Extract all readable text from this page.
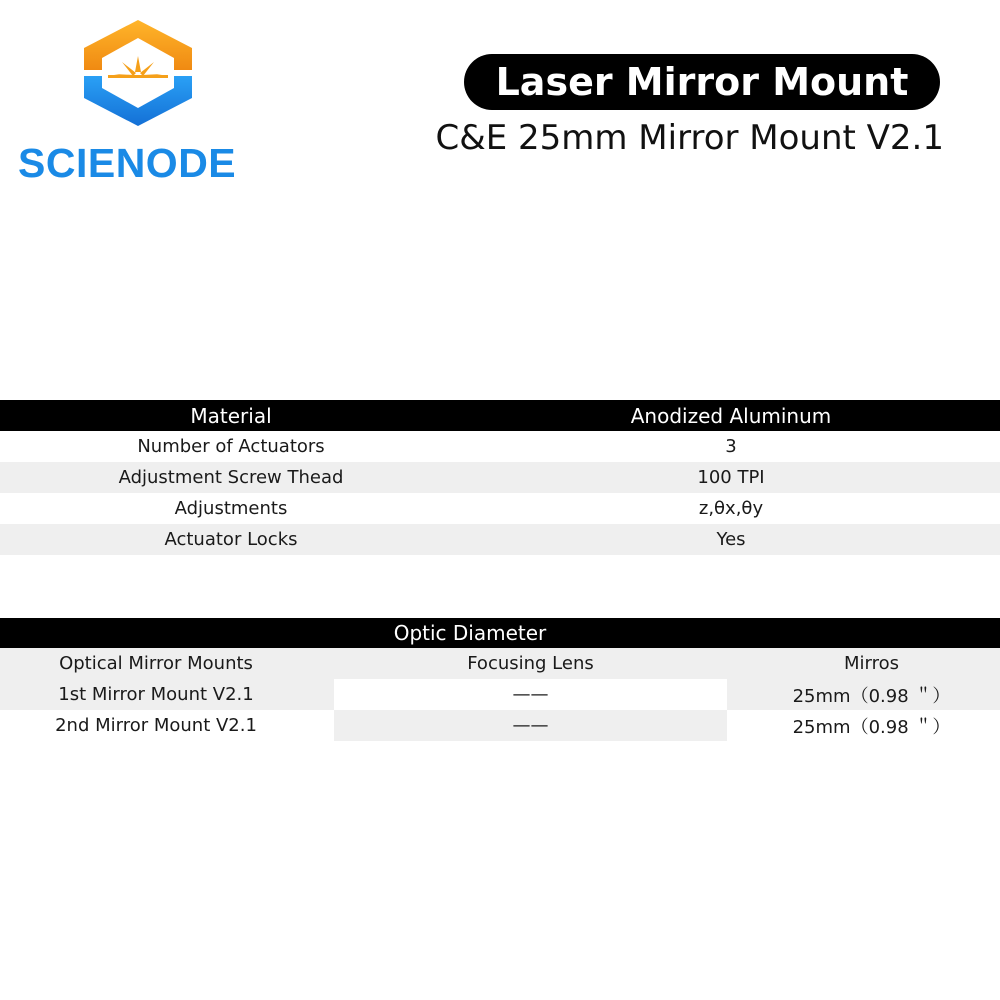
SCIENODE
Laser Mirror Mount
C&E 25mm Mirror Mount V2.1
Material	Anodized Aluminum
Number of Actuators	3
Adjustment Screw Thead	100 TPI
Adjustments	z,θx,θy
Actuator Locks	Yes
Optic Diameter
Optical Mirror Mounts	Focusing Lens	Mirros
1st Mirror Mount V2.1	——	25mm（0.98 ＂）
2nd Mirror Mount V2.1	——	25mm（0.98 ＂）
